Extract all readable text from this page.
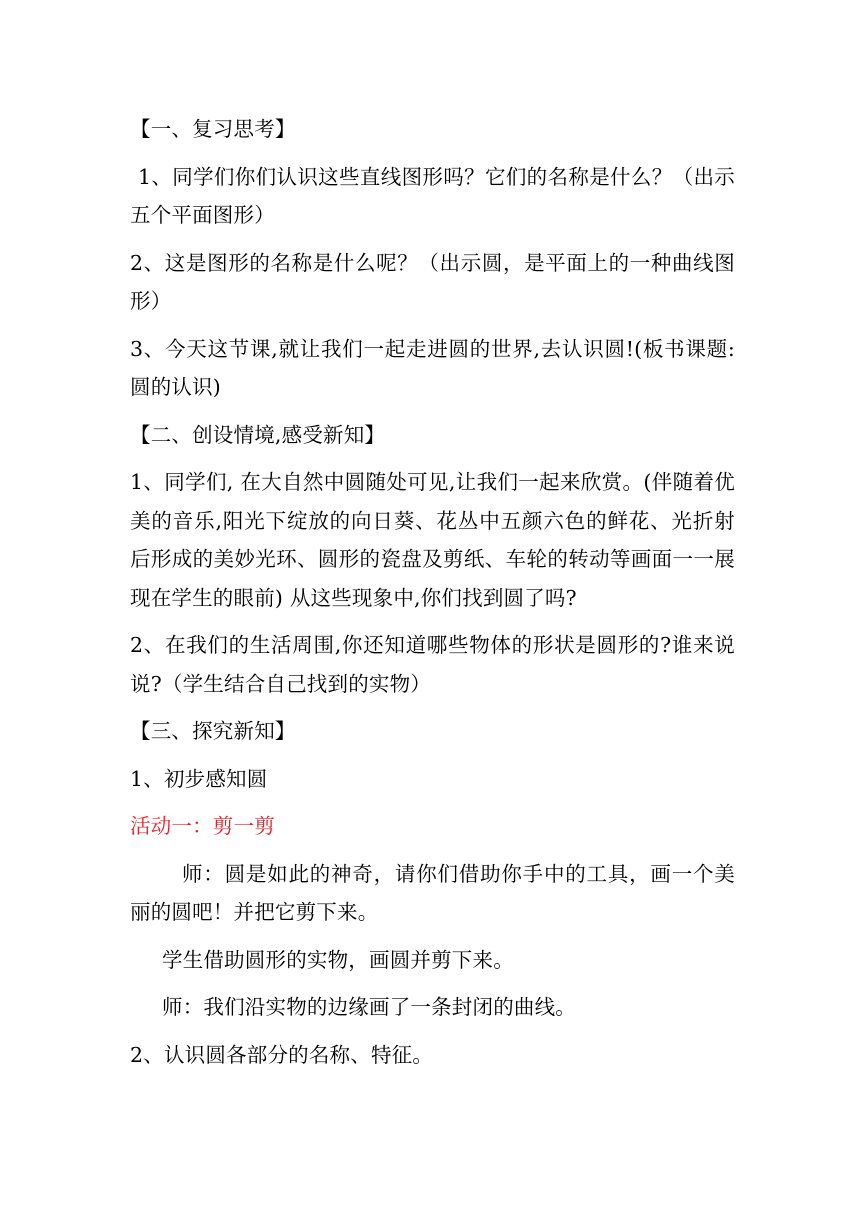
【一、复习思考】

1、同学们你们认识这些直线图形吗？它们的名称是什么？（出示五个平面图形）

2、这是图形的名称是什么呢？（出示圆，是平面上的一种曲线图形）

3、今天这节课,就让我们一起走进圆的世界,去认识圆!(板书课题:圆的认识)

【二、创设情境,感受新知】

1、同学们, 在大自然中圆随处可见,让我们一起来欣赏。(伴随着优美的音乐,阳光下绽放的向日葵、花丛中五颜六色的鲜花、光折射后形成的美妙光环、圆形的瓷盘及剪纸、车轮的转动等画面一一展现在学生的眼前) 从这些现象中,你们找到圆了吗?

2、在我们的生活周围,你还知道哪些物体的形状是圆形的?谁来说说?（学生结合自己找到的实物）

【三、探究新知】

1、初步感知圆

活动一：剪一剪

师：圆是如此的神奇，请你们借助你手中的工具，画一个美丽的圆吧！并把它剪下来。

学生借助圆形的实物，画圆并剪下来。

师：我们沿实物的边缘画了一条封闭的曲线。

2、认识圆各部分的名称、特征。
